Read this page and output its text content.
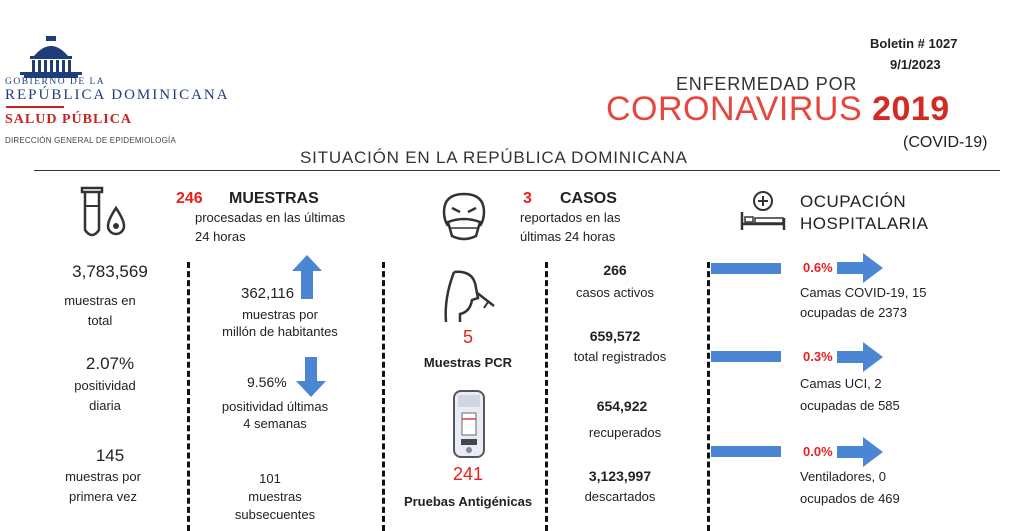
GOBIERNO DE LA
REPÚBLICA DOMINICANA
SALUD PÚBLICA
DIRECCIÓN GENERAL DE EPIDEMIOLOGÍA
Boletin # 1027
9/1/2023
ENFERMEDAD POR
CORONAVIRUS 2019
(COVID-19)
SITUACIÓN EN LA REPÚBLICA DOMINICANA
246 MUESTRAS
procesadas en las últimas
24 horas
3,783,569
muestras en
total
2.07%
positividad
diaria
145
muestras por
primera vez
362,116
muestras por
millón de habitantes
9.56%
positividad últimas
4 semanas
101
muestras
subsecuentes
3 CASOS
reportados en las
últimas 24 horas
5
Muestras PCR
241
Pruebas Antigénicas
266
casos activos
659,572
total registrados
654,922
recuperados
3,123,997
descartados
OCUPACIÓN
HOSPITALARIA
0.6%
Camas COVID-19, 15
ocupadas de 2373
0.3%
Camas UCI, 2
ocupadas de 585
0.0%
Ventiladores, 0
ocupados de 469
